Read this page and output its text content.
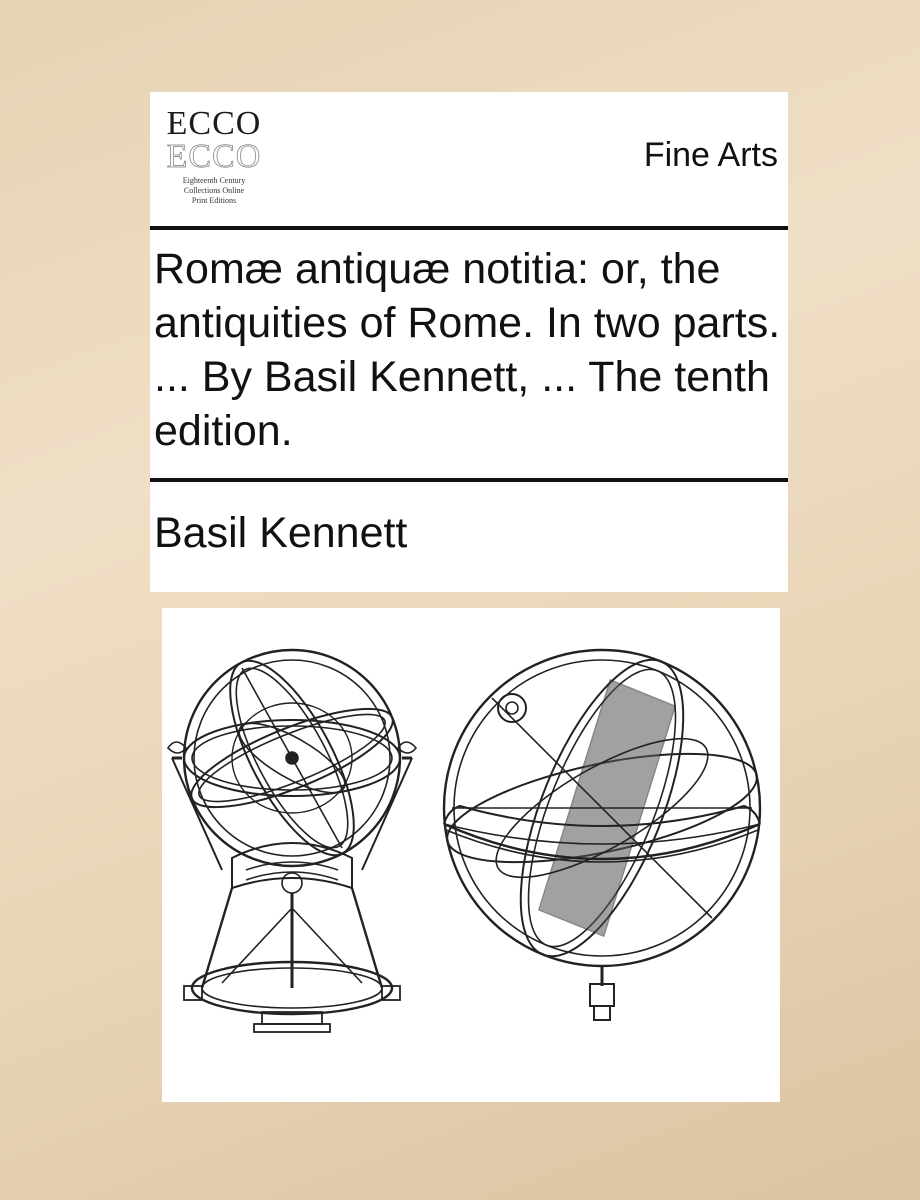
ECCO
ECCO
Eighteenth Century
Collections Online
Print Editions
Fine Arts
Romæ antiquæ notitia: or, the antiquities of Rome. In two parts. ... By Basil Kennett, ... The tenth edition.
Basil Kennett
